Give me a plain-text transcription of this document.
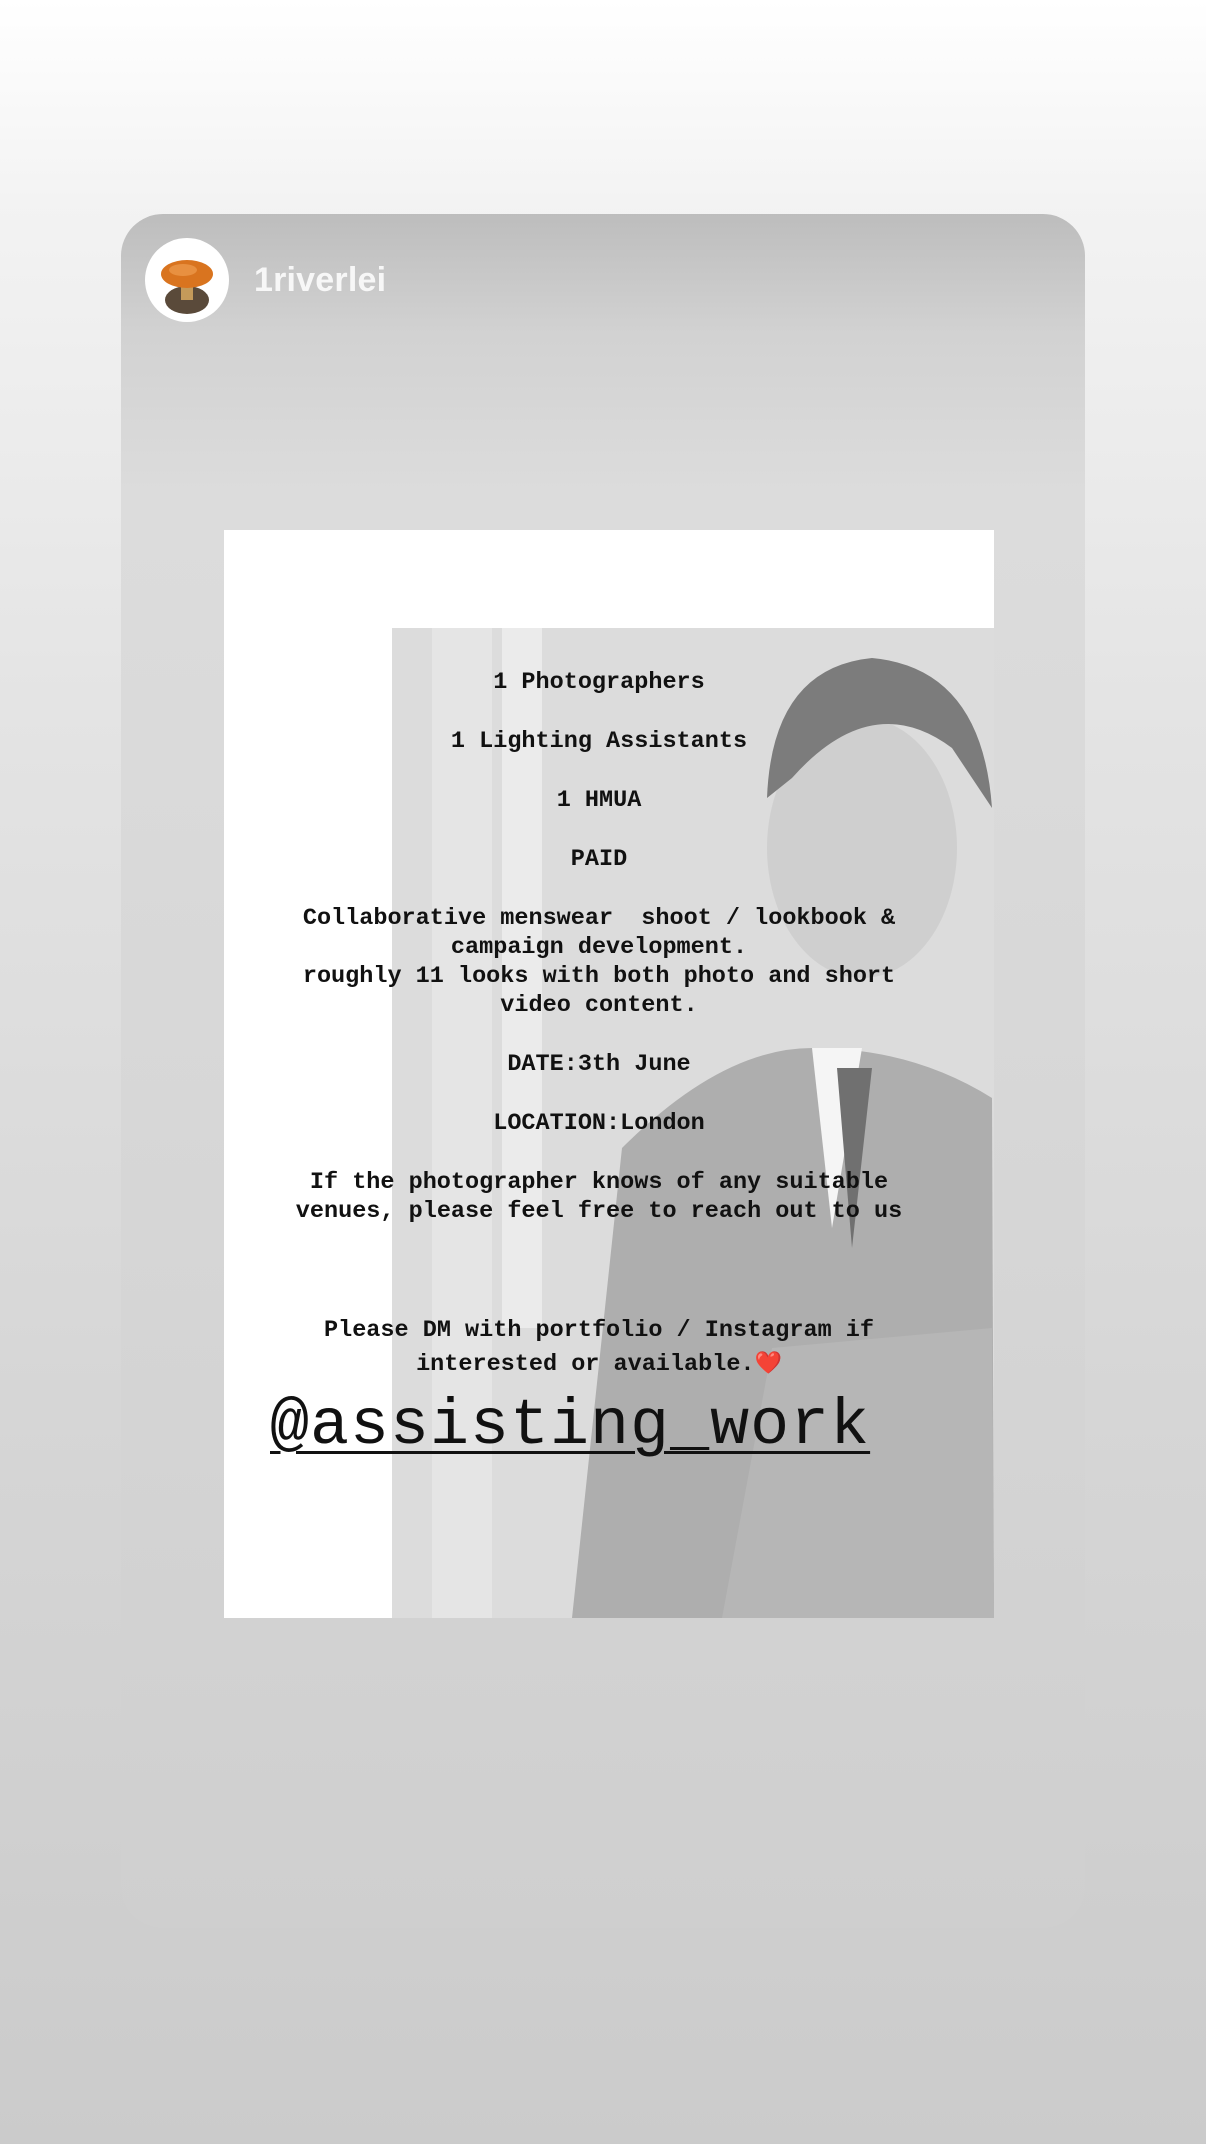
1riverlei
1 Photographers
1 Lighting Assistants
1 HMUA
PAID
Collaborative menswear  shoot / lookbook &
campaign development.
roughly 11 looks with both photo and short
video content.
DATE:3th June
LOCATION:London
If the photographer knows of any suitable
venues, please feel free to reach out to us
Please DM with portfolio / Instagram if
interested or available.❤️
@assisting_work
